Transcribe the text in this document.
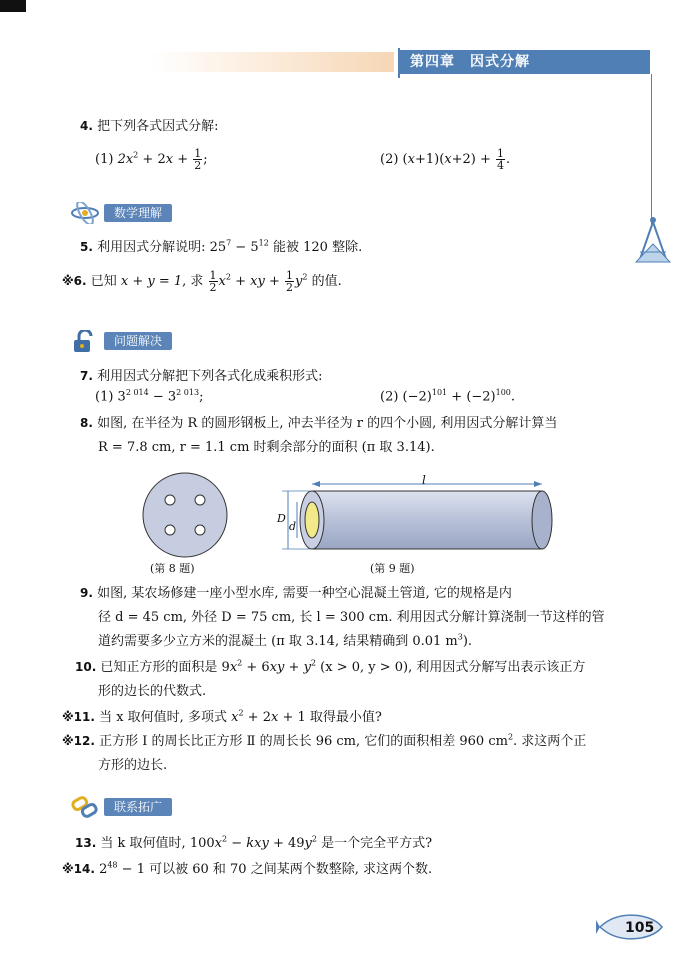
第四章　因式分解
4. 把下列各式因式分解:
(1) $2x^2 + 2x + \frac{1}{2}$ ;	(2) $(x+1)(x+2) + \frac{1}{4}$ .
数学理解
5. 利用因式分解说明: $25^7 - 5^{12}$ 能被 120 整除.
※6. 已知 x + y = 1, 求 $\frac{1}{2} x^2$ + xy + $\frac{1}{2} y^2$ 的值.
问题解决
7. 利用因式分解把下列各式化成乘积形式:
(1) $3^{2 014} - 3^{2 013}$;	(2) $(-2)^{101} + (-2)^{100}$.
8. 如图, 在半径为 R 的圆形钢板上, 冲去半径为 r 的四个小圆, 利用因式分解计算当
R = 7.8 cm, r = 1.1 cm 时剩余部分的面积 (π 取 3.14).
(第 8 题)
l
D
d
(第 9 题)
9. 如图, 某农场修建一座小型水库, 需要一种空心混凝土管道, 它的规格是内
径 d = 45 cm, 外径 D = 75 cm, 长 l = 300 cm. 利用因式分解计算浇制一节这样的管
道约需要多少立方米的混凝土 (π 取 3.14, 结果精确到 0.01 $m^3$).
10. 已知正方形的面积是 $9x^2 + 6xy + y^2$ (x > 0, y > 0), 利用因式分解写出表示该正方
形的边长的代数式.
※11. 当 x 取何值时, 多项式 $x^2 + 2x + 1$ 取得最小值?
※12. 正方形 Ⅰ 的周长比正方形 Ⅱ 的周长长 96 cm, 它们的面积相差 960 $cm^2$. 求这两个正
方形的边长.
联系拓广
13. 当 k 取何值时, $100x^2$ − kxy + $49y^2$ 是一个完全平方式?
※14. $2^{48} - 1$ 可以被 60 和 70 之间某两个数整除, 求这两个数.
105
